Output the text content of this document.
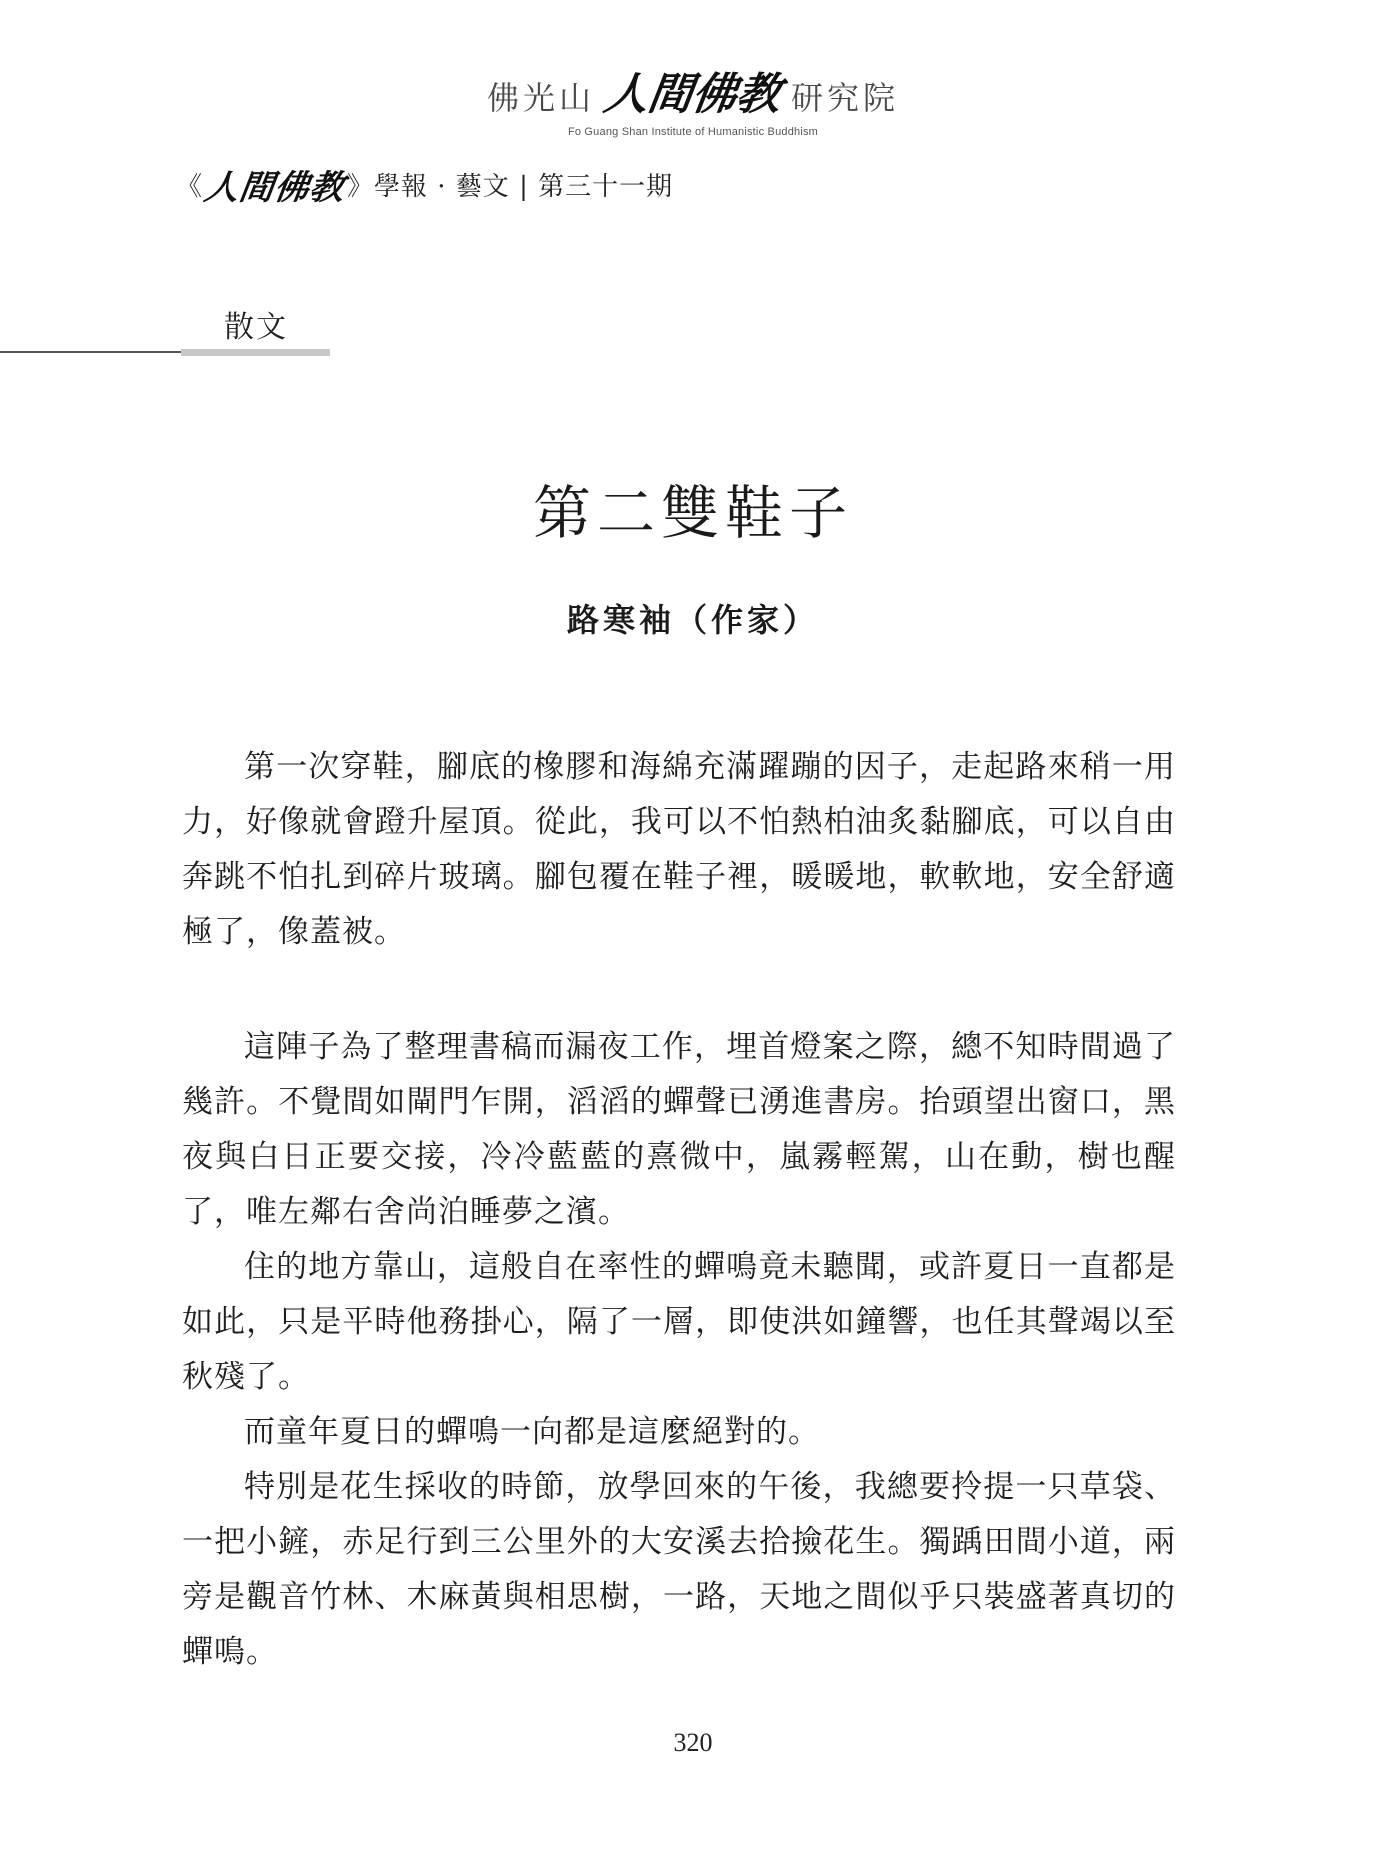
佛光山 人間佛教 研究院
Fo Guang Shan Institute of Humanistic Buddhism
《
人間佛教 》學報 · 藝文 | 第三十一期
散文
第二雙鞋子
路寒袖（作家）

第一次穿鞋，腳底的橡膠和海綿充滿躍蹦的因子，走起路來稍一用力，好像就會蹬升屋頂。從此，我可以不怕熱柏油炙黏腳底，可以自由奔跳不怕扎到碎片玻璃。腳包覆在鞋子裡，暖暖地，軟軟地，安全舒適極了，像蓋被。

這陣子為了整理書稿而漏夜工作，埋首燈案之際，總不知時間過了幾許。不覺間如閘門乍開，滔滔的蟬聲已湧進書房。抬頭望出窗口，黑夜與白日正要交接，冷冷藍藍的熹微中，嵐霧輕駕，山在動，樹也醒了，唯左鄰右舍尚泊睡夢之濱。

住的地方靠山，這般自在率性的蟬鳴竟未聽聞，或許夏日一直都是如此，只是平時他務掛心，隔了一層，即使洪如鐘響，也任其聲竭以至秋殘了。

而童年夏日的蟬鳴一向都是這麼絕對的。

特別是花生採收的時節，放學回來的午後，我總要拎提一只草袋、一把小鏟，赤足行到三公里外的大安溪去拾撿花生。獨踽田間小道，兩旁是觀音竹林、木麻黃與相思樹，一路，天地之間似乎只裝盛著真切的蟬鳴。

320
